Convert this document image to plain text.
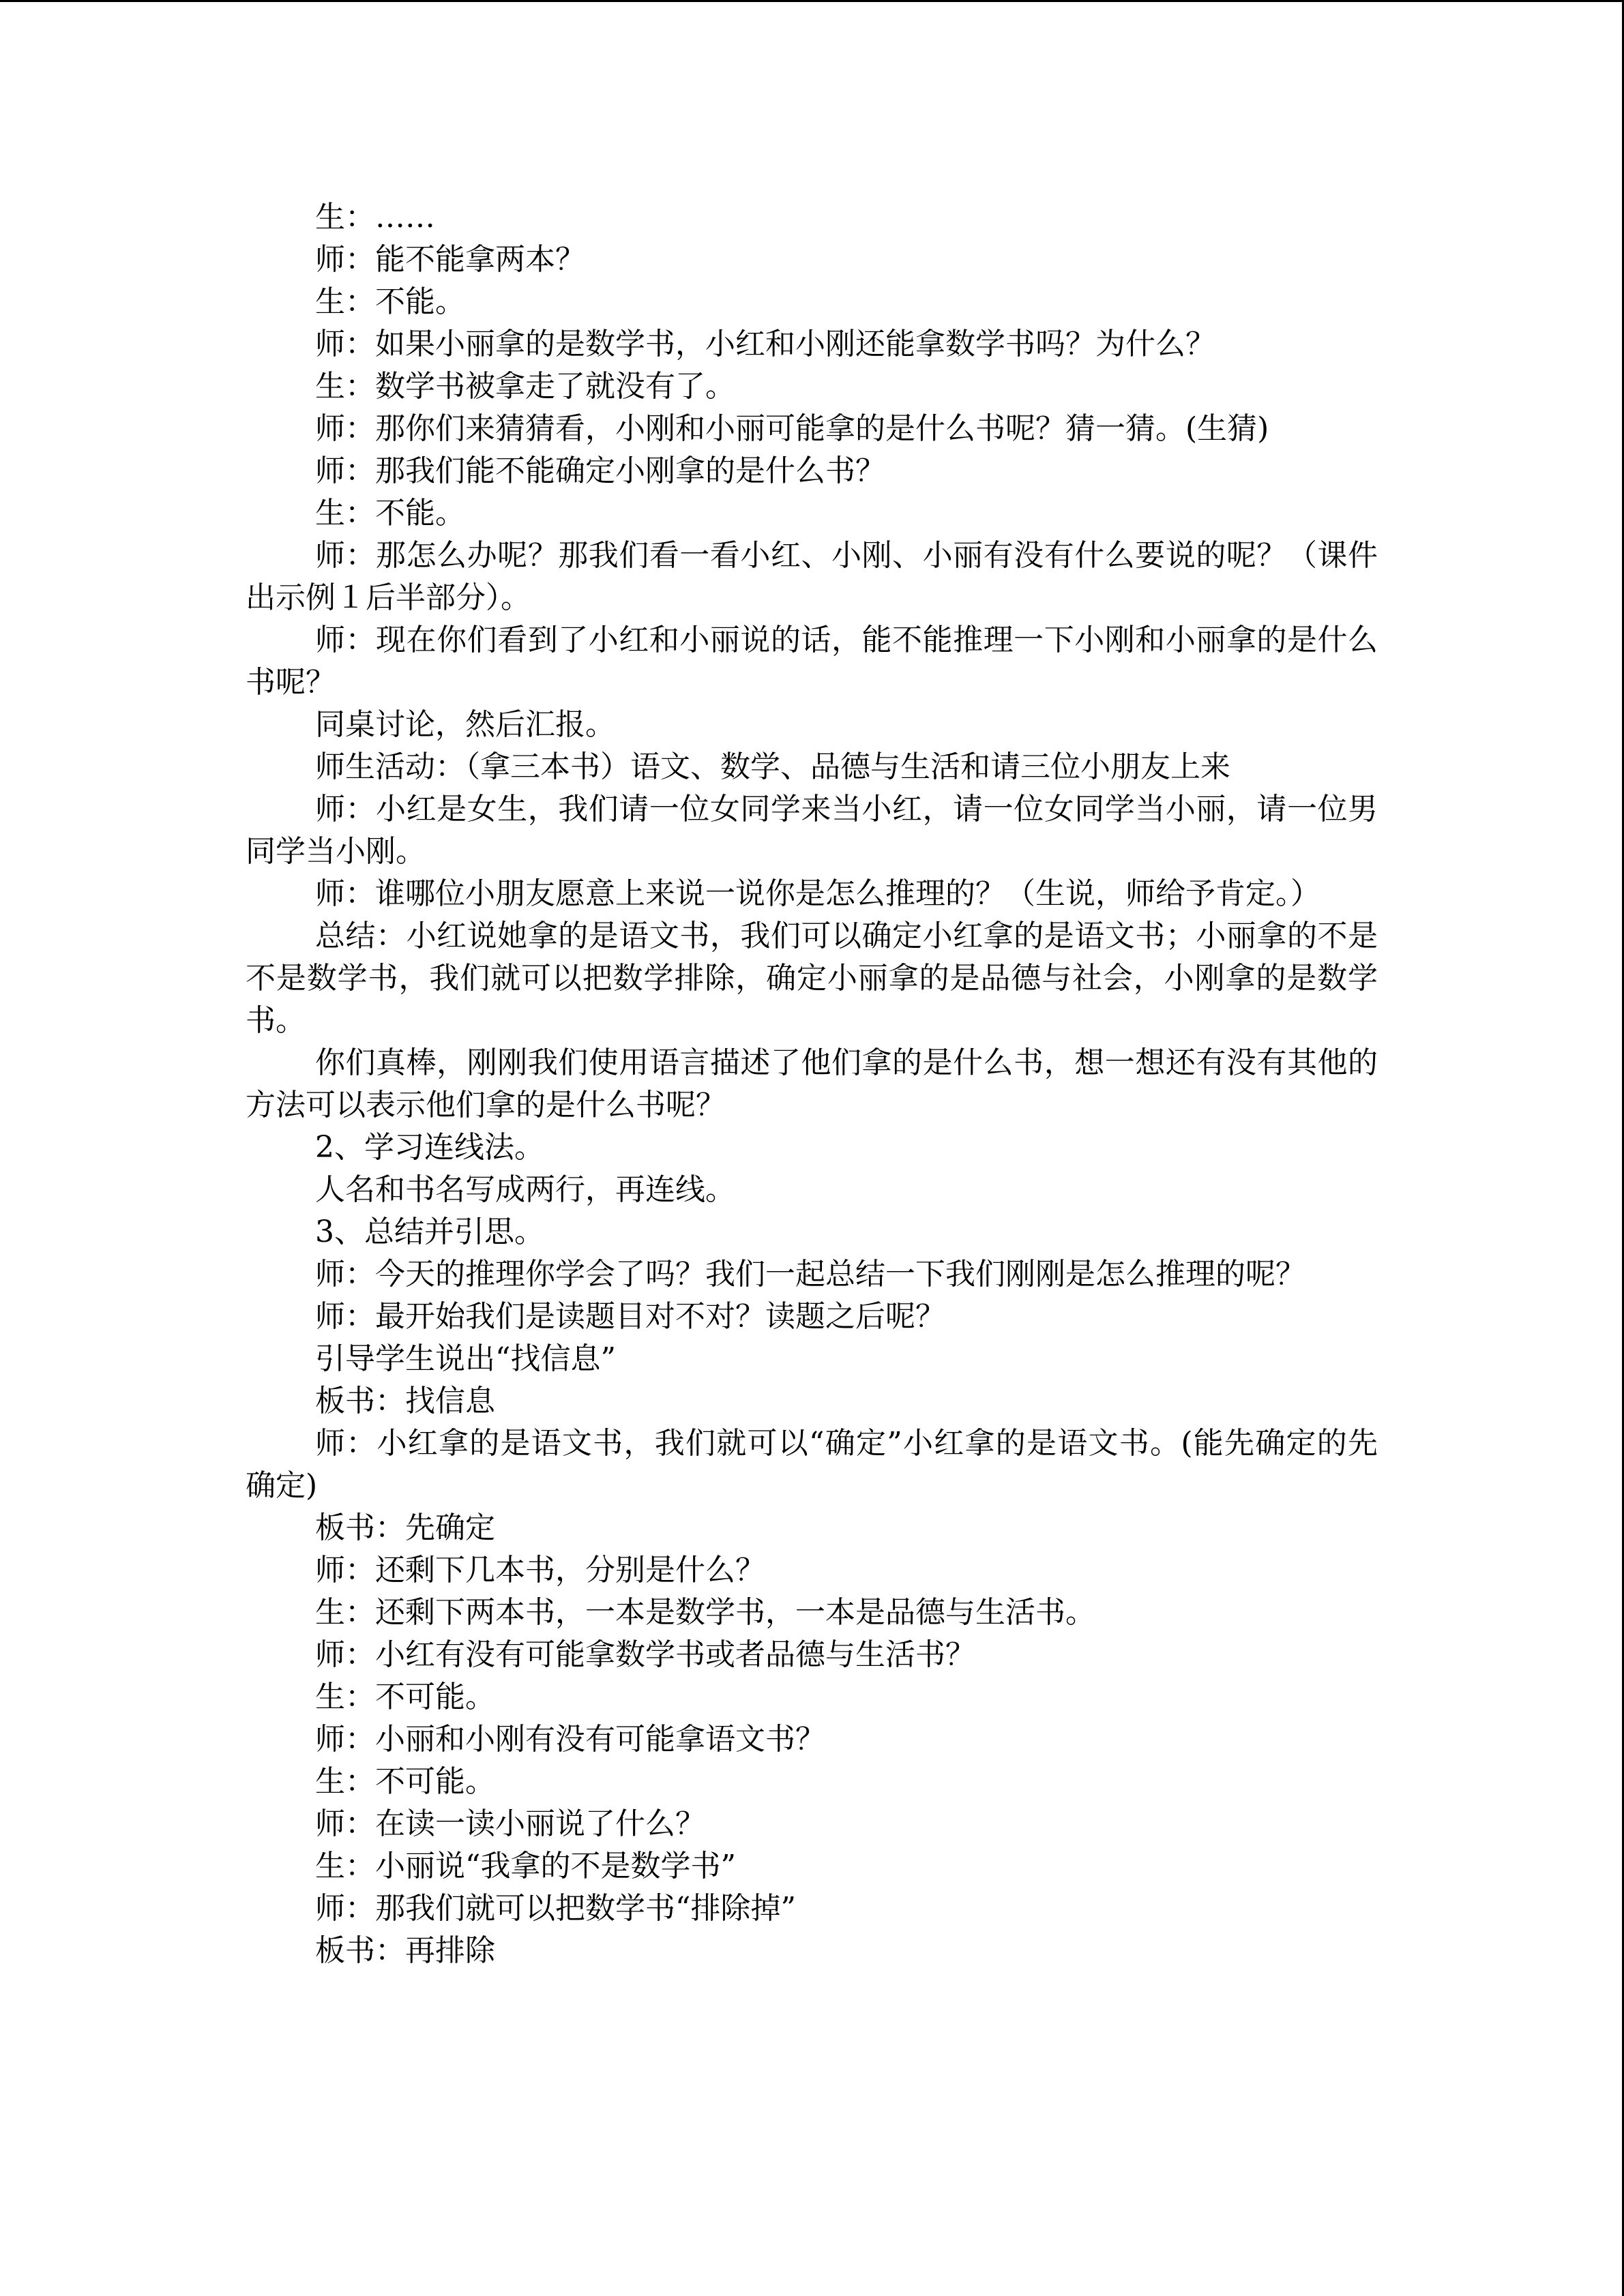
生：……

师：能不能拿两本？

生：不能。

师：如果小丽拿的是数学书，小红和小刚还能拿数学书吗？为什么？

生：数学书被拿走了就没有了。

师：那你们来猜猜看，小刚和小丽可能拿的是什么书呢？猜一猜。(生猜)

师：那我们能不能确定小刚拿的是什么书？

生：不能。

师：那怎么办呢？那我们看一看小红、小刚、小丽有没有什么要说的呢？（课件出示例１后半部分）。

师：现在你们看到了小红和小丽说的话，能不能推理一下小刚和小丽拿的是什么书呢？

同桌讨论，然后汇报。

师生活动：（拿三本书）语文、数学、品德与生活和请三位小朋友上来

师：小红是女生，我们请一位女同学来当小红，请一位女同学当小丽，请一位男同学当小刚。

师：谁哪位小朋友愿意上来说一说你是怎么推理的？（生说，师给予肯定。）

总结：小红说她拿的是语文书，我们可以确定小红拿的是语文书；小丽拿的不是不是数学书，我们就可以把数学排除，确定小丽拿的是品德与社会，小刚拿的是数学书。

你们真棒，刚刚我们使用语言描述了他们拿的是什么书，想一想还有没有其他的方法可以表示他们拿的是什么书呢？

2、学习连线法。

人名和书名写成两行，再连线。

3、总结并引思。

师：今天的推理你学会了吗？我们一起总结一下我们刚刚是怎么推理的呢？

师：最开始我们是读题目对不对？读题之后呢？

引导学生说出“找信息”

板书：找信息

师：小红拿的是语文书，我们就可以“确定”小红拿的是语文书。(能先确定的先确定)

板书：先确定

师：还剩下几本书，分别是什么？

生：还剩下两本书，一本是数学书，一本是品德与生活书。

师：小红有没有可能拿数学书或者品德与生活书？

生：不可能。

师：小丽和小刚有没有可能拿语文书？

生：不可能。

师：在读一读小丽说了什么？

生：小丽说“我拿的不是数学书”

师：那我们就可以把数学书“排除掉”

板书：再排除
